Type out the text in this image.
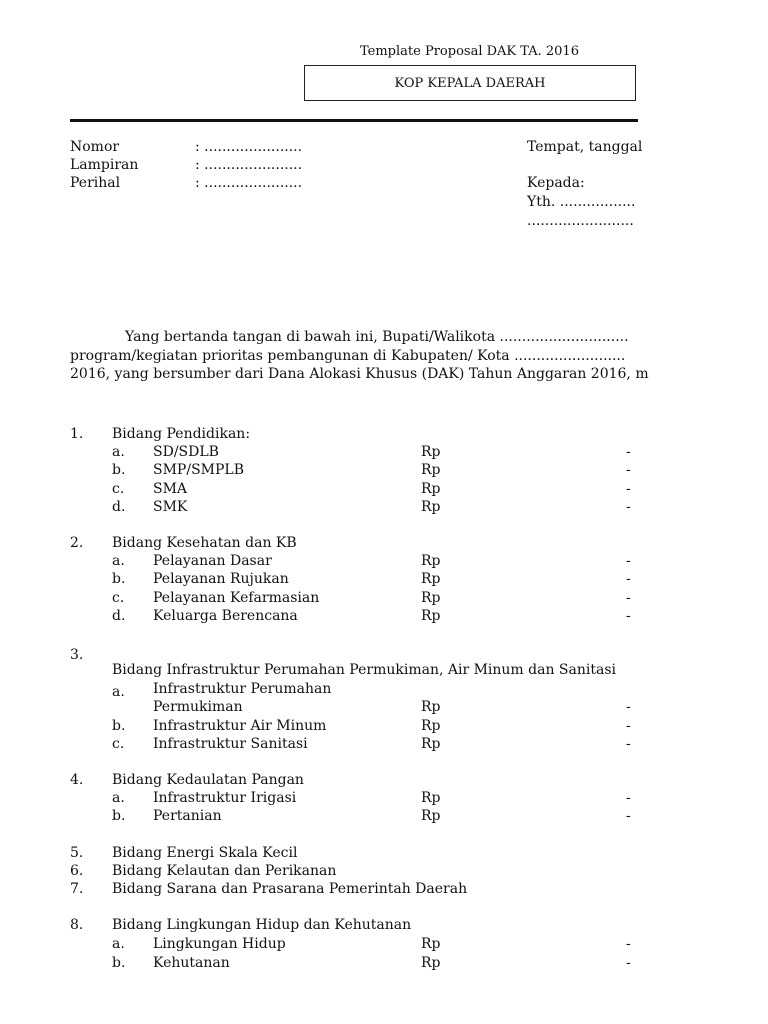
Template Proposal DAK TA. 2016
KOP KEPALA DAERAH
Nomor	: ......................
Lampiran	: ......................
Perihal	: ......................
Tempat, tanggal
Kepada:
Yth. .................
........................
Yang bertanda tangan di bawah ini, Bupati/Walikota .............................
program/kegiatan prioritas pembangunan di Kabupaten/ Kota .........................
2016, yang bersumber dari Dana Alokasi Khusus (DAK) Tahun Anggaran 2016, m
1. Bidang Pendidikan:
a. SD/SDLB	Rp	-
b. SMP/SMPLB	Rp	-
c. SMA	Rp	-
d. SMK	Rp	-
2. Bidang Kesehatan dan KB
a. Pelayanan Dasar	Rp	-
b. Pelayanan Rujukan	Rp	-
c. Pelayanan Kefarmasian	Rp	-
d. Keluarga Berencana	Rp	-
3.
Bidang Infrastruktur Perumahan Permukiman, Air Minum dan Sanitasi
a. Infrastruktur Perumahan
Permukiman	Rp	-
b. Infrastruktur Air Minum	Rp	-
c. Infrastruktur Sanitasi	Rp	-
4. Bidang Kedaulatan Pangan
a. Infrastruktur Irigasi	Rp	-
b. Pertanian	Rp	-
5. Bidang Energi Skala Kecil
6. Bidang Kelautan dan Perikanan
7. Bidang Sarana dan Prasarana Pemerintah Daerah
8. Bidang Lingkungan Hidup dan Kehutanan
a. Lingkungan Hidup	Rp	-
b. Kehutanan	Rp	-
